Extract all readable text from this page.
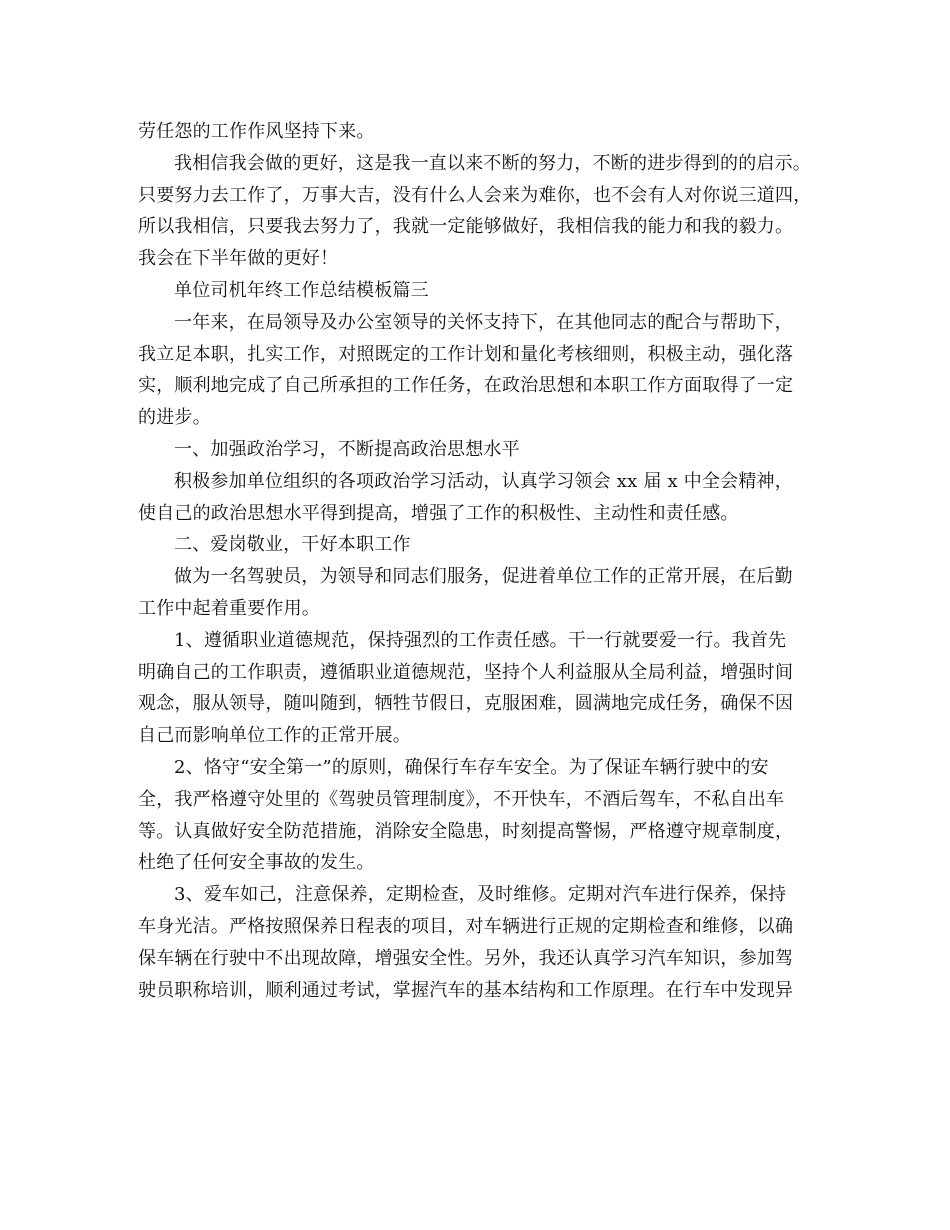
劳任怨的工作作风坚持下来。
我相信我会做的更好，这是我一直以来不断的努力，不断的进步得到的的启示。
只要努力去工作了，万事大吉，没有什么人会来为难你，也不会有人对你说三道四，
所以我相信，只要我去努力了，我就一定能够做好，我相信我的能力和我的毅力。
我会在下半年做的更好！
单位司机年终工作总结模板篇三
一年来，在局领导及办公室领导的关怀支持下，在其他同志的配合与帮助下，
我立足本职，扎实工作，对照既定的工作计划和量化考核细则，积极主动，强化落
实，顺利地完成了自己所承担的工作任务，在政治思想和本职工作方面取得了一定
的进步。
一、加强政治学习，不断提高政治思想水平
积极参加单位组织的各项政治学习活动，认真学习领会 xx 届 x 中全会精神，
使自己的政治思想水平得到提高，增强了工作的积极性、主动性和责任感。
二、爱岗敬业，干好本职工作
做为一名驾驶员，为领导和同志们服务，促进着单位工作的正常开展，在后勤
工作中起着重要作用。
1、遵循职业道德规范，保持强烈的工作责任感。干一行就要爱一行。我首先
明确自己的工作职责，遵循职业道德规范，坚持个人利益服从全局利益，增强时间
观念，服从领导，随叫随到，牺牲节假日，克服困难，圆满地完成任务，确保不因
自己而影响单位工作的正常开展。
2、恪守“安全第一”的原则，确保行车存车安全。为了保证车辆行驶中的安
全，我严格遵守处里的《驾驶员管理制度》，不开快车，不酒后驾车，不私自出车
等。认真做好安全防范措施，消除安全隐患，时刻提高警惕，严格遵守规章制度，
杜绝了任何安全事故的发生。
3、爱车如己，注意保养，定期检查，及时维修。定期对汽车进行保养，保持
车身光洁。严格按照保养日程表的项目，对车辆进行正规的定期检查和维修，以确
保车辆在行驶中不出现故障，增强安全性。另外，我还认真学习汽车知识，参加驾
驶员职称培训，顺利通过考试，掌握汽车的基本结构和工作原理。在行车中发现异
